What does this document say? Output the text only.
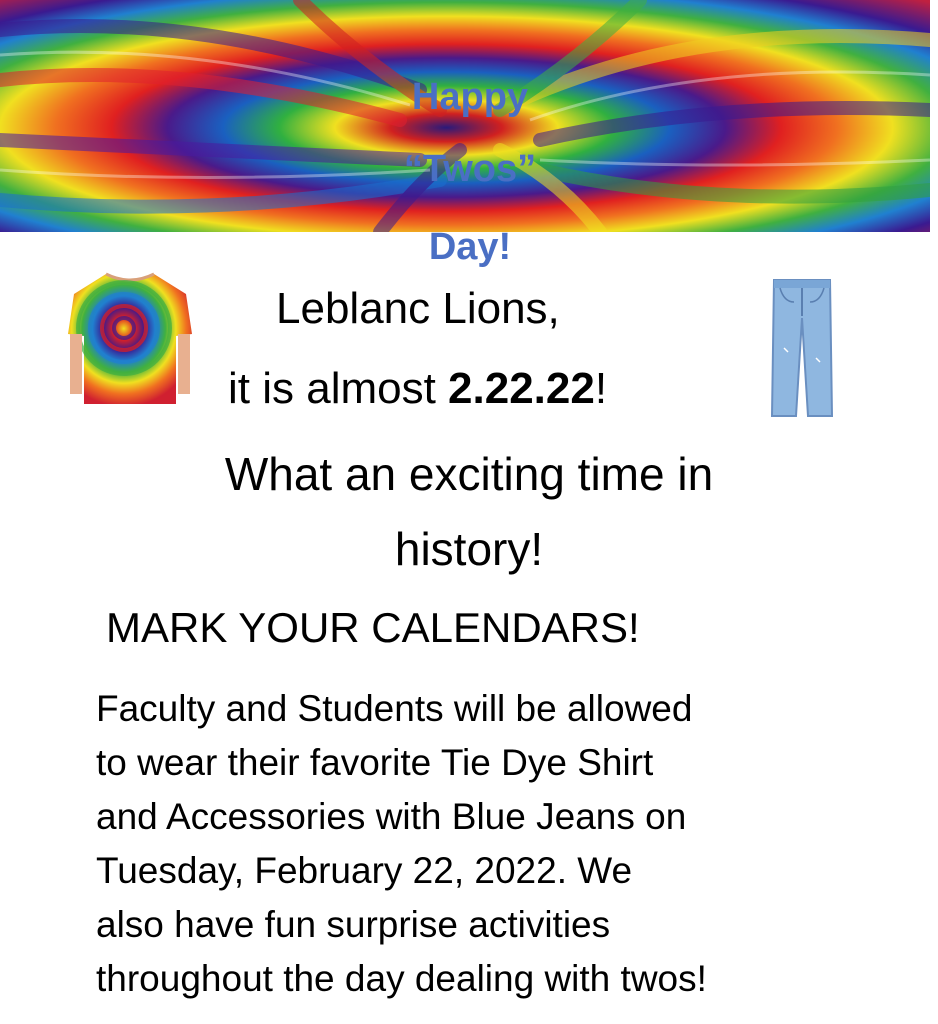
Happy
“Twos”
Day!
Leblanc Lions,
it is almost 2.22.22!
What an exciting time in
history!
MARK YOUR CALENDARS!
Faculty and Students will be allowed
to wear their favorite Tie Dye Shirt
and Accessories with Blue Jeans on
Tuesday, February 22, 2022. We
also have fun surprise activities
throughout the day dealing with twos!
